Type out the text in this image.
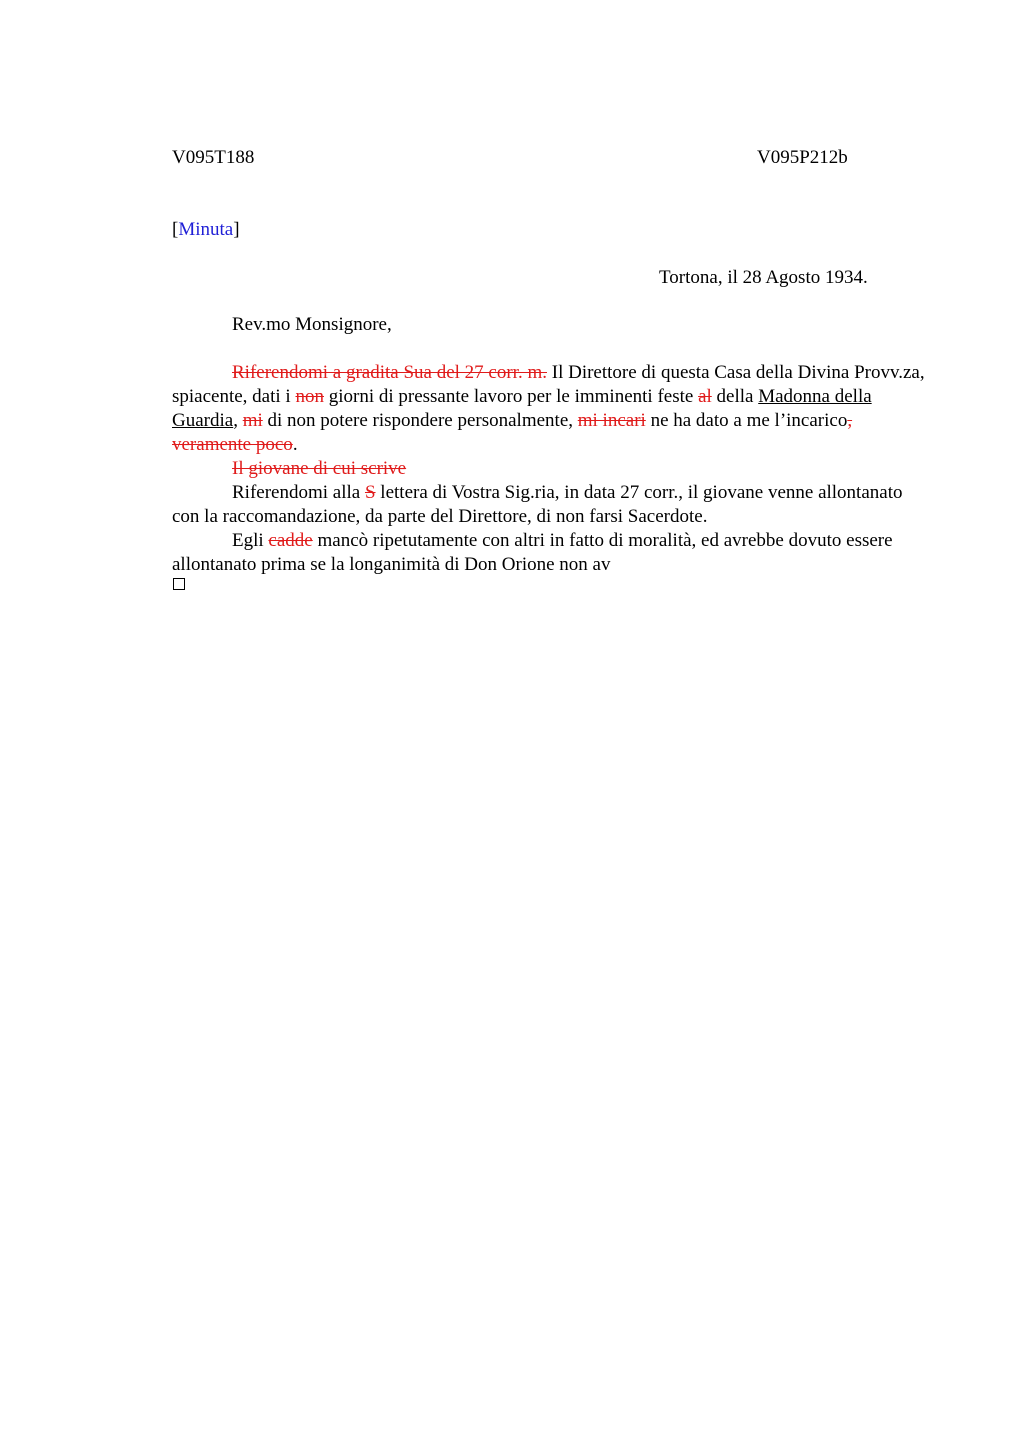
V095T188	V095P212b
[Minuta]
Tortona, il 28 Agosto 1934.
Rev.mo Monsignore,

Riferendomi a gradita Sua del 27 corr. m. Il Direttore di questa Casa della Divina Provv.za, spiacente, dati i non giorni di pressante lavoro per le imminenti feste al della Madonna della Guardia, mi di non potere rispondere personalmente, mi incari ne ha dato a me l’incarico, veramente poco.

Il giovane di cui scrive

Riferendomi alla S lettera di Vostra Sig.ria, in data 27 corr., il giovane venne allontanato con la raccomandazione, da parte del Direttore, di non farsi Sacerdote.

Egli cadde mancò ripetutamente con altri in fatto di moralità, ed avrebbe dovuto essere allontanato prima se la longanimità di Don Orione non av
